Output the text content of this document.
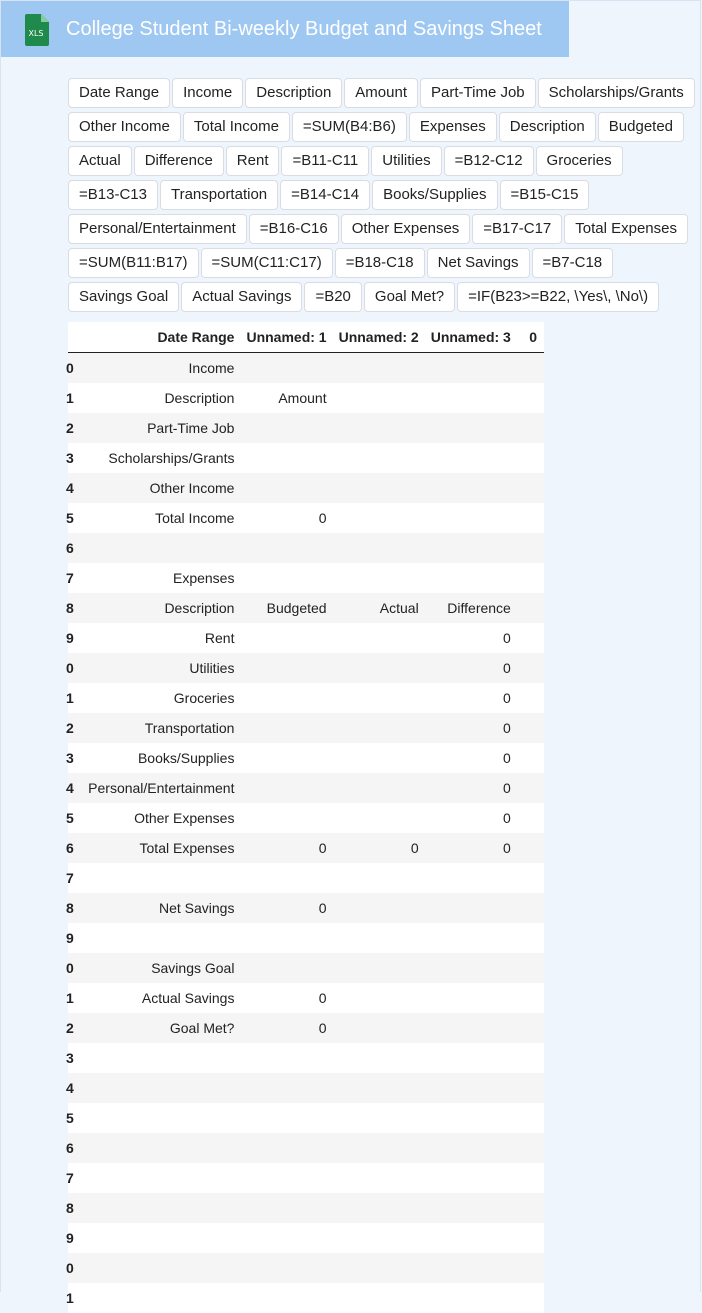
XLS College Student Bi-weekly Budget and Savings Sheet
Date Range	Income	Description	Amount	Part-Time Job	Scholarships/Grants
Other Income	Total Income	=SUM(B4:B6)	Expenses	Description	Budgeted
Actual	Difference	Rent	=B11-C11	Utilities	=B12-C12	Groceries
=B13-C13	Transportation	=B14-C14	Books/Supplies	=B15-C15
Personal/Entertainment	=B16-C16	Other Expenses	=B17-C17	Total Expenses
=SUM(B11:B17)	=SUM(C11:C17)	=B18-C18	Net Savings	=B7-C18
Savings Goal	Actual Savings	=B20	Goal Met?	=IF(B23>=B22, \Yes\, \No\)
	Date Range	Unnamed: 1	Unnamed: 2	Unnamed: 3	0
0	Income				
1	Description	Amount			
2	Part-Time Job				
3	Scholarships/Grants				
4	Other Income				
5	Total Income	0			
6					
7	Expenses				
8	Description	Budgeted	Actual	Difference	
9	Rent			0	
0	Utilities			0	
1	Groceries			0	
2	Transportation			0	
3	Books/Supplies			0	
4	Personal/Entertainment			0	
5	Other Expenses			0	
6	Total Expenses	0	0	0	
7					
8	Net Savings	0			
9					
0	Savings Goal				
1	Actual Savings	0			
2	Goal Met?	0			
3					
4					
5					
6					
7					
8					
9					
0					
1					
